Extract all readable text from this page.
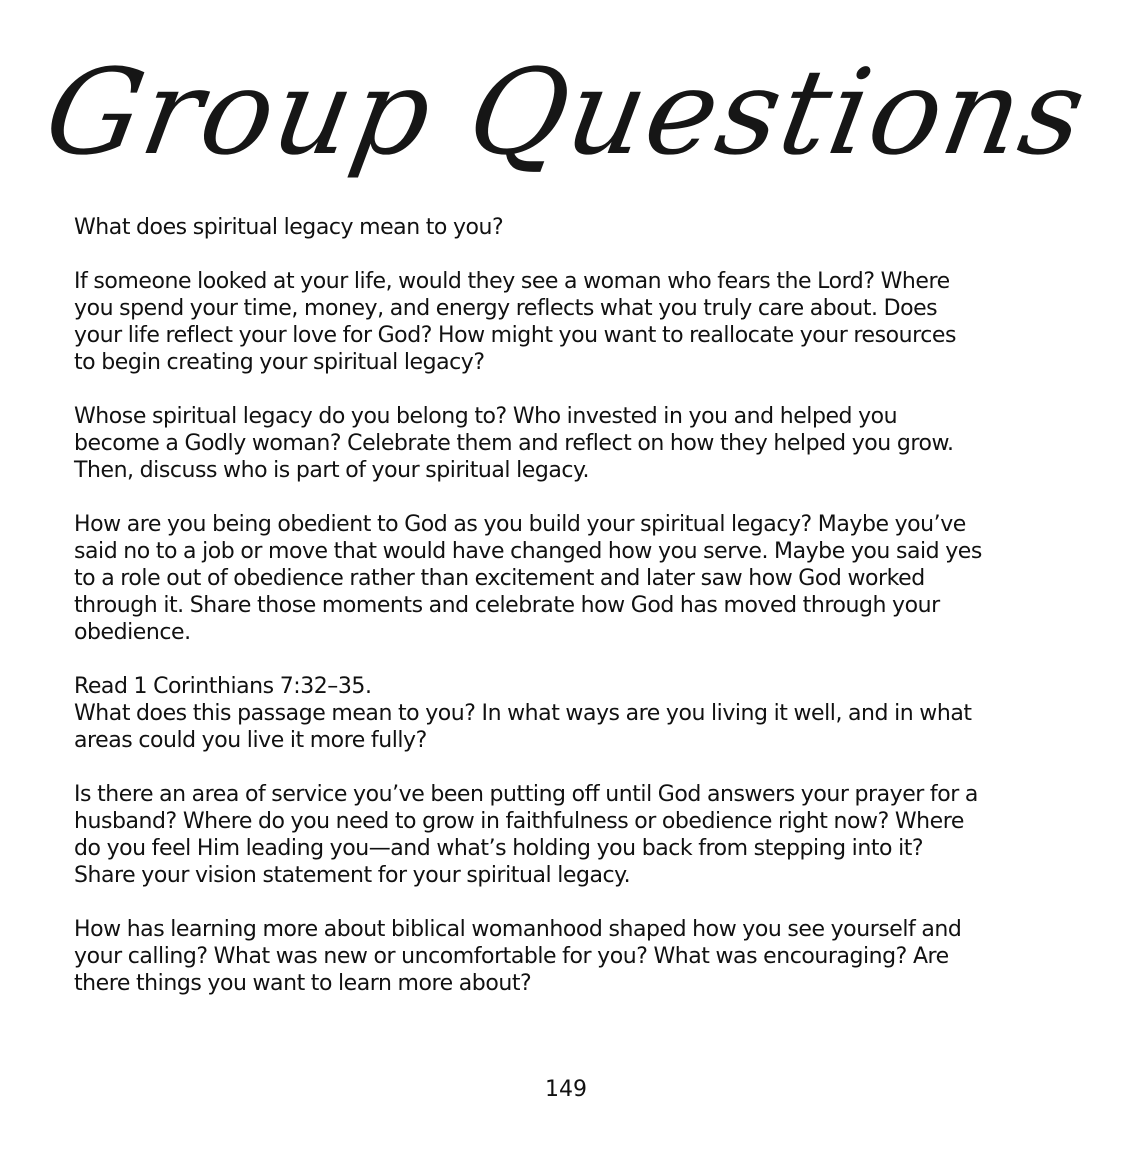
Group Questions

What does spiritual legacy mean to you?

If someone looked at your life, would they see a woman who fears the Lord? Where
you spend your time, money, and energy reflects what you truly care about. Does
your life reflect your love for God? How might you want to reallocate your resources
to begin creating your spiritual legacy?

Whose spiritual legacy do you belong to? Who invested in you and helped you
become a Godly woman? Celebrate them and reflect on how they helped you grow.
Then, discuss who is part of your spiritual legacy.

How are you being obedient to God as you build your spiritual legacy? Maybe you’ve
said no to a job or move that would have changed how you serve. Maybe you said yes
to a role out of obedience rather than excitement and later saw how God worked
through it. Share those moments and celebrate how God has moved through your
obedience.

Read 1 Corinthians 7:32–35.
What does this passage mean to you? In what ways are you living it well, and in what
areas could you live it more fully?

Is there an area of service you’ve been putting off until God answers your prayer for a
husband? Where do you need to grow in faithfulness or obedience right now? Where
do you feel Him leading you—and what’s holding you back from stepping into it?
Share your vision statement for your spiritual legacy.

How has learning more about biblical womanhood shaped how you see yourself and
your calling? What was new or uncomfortable for you? What was encouraging? Are
there things you want to learn more about?

149
